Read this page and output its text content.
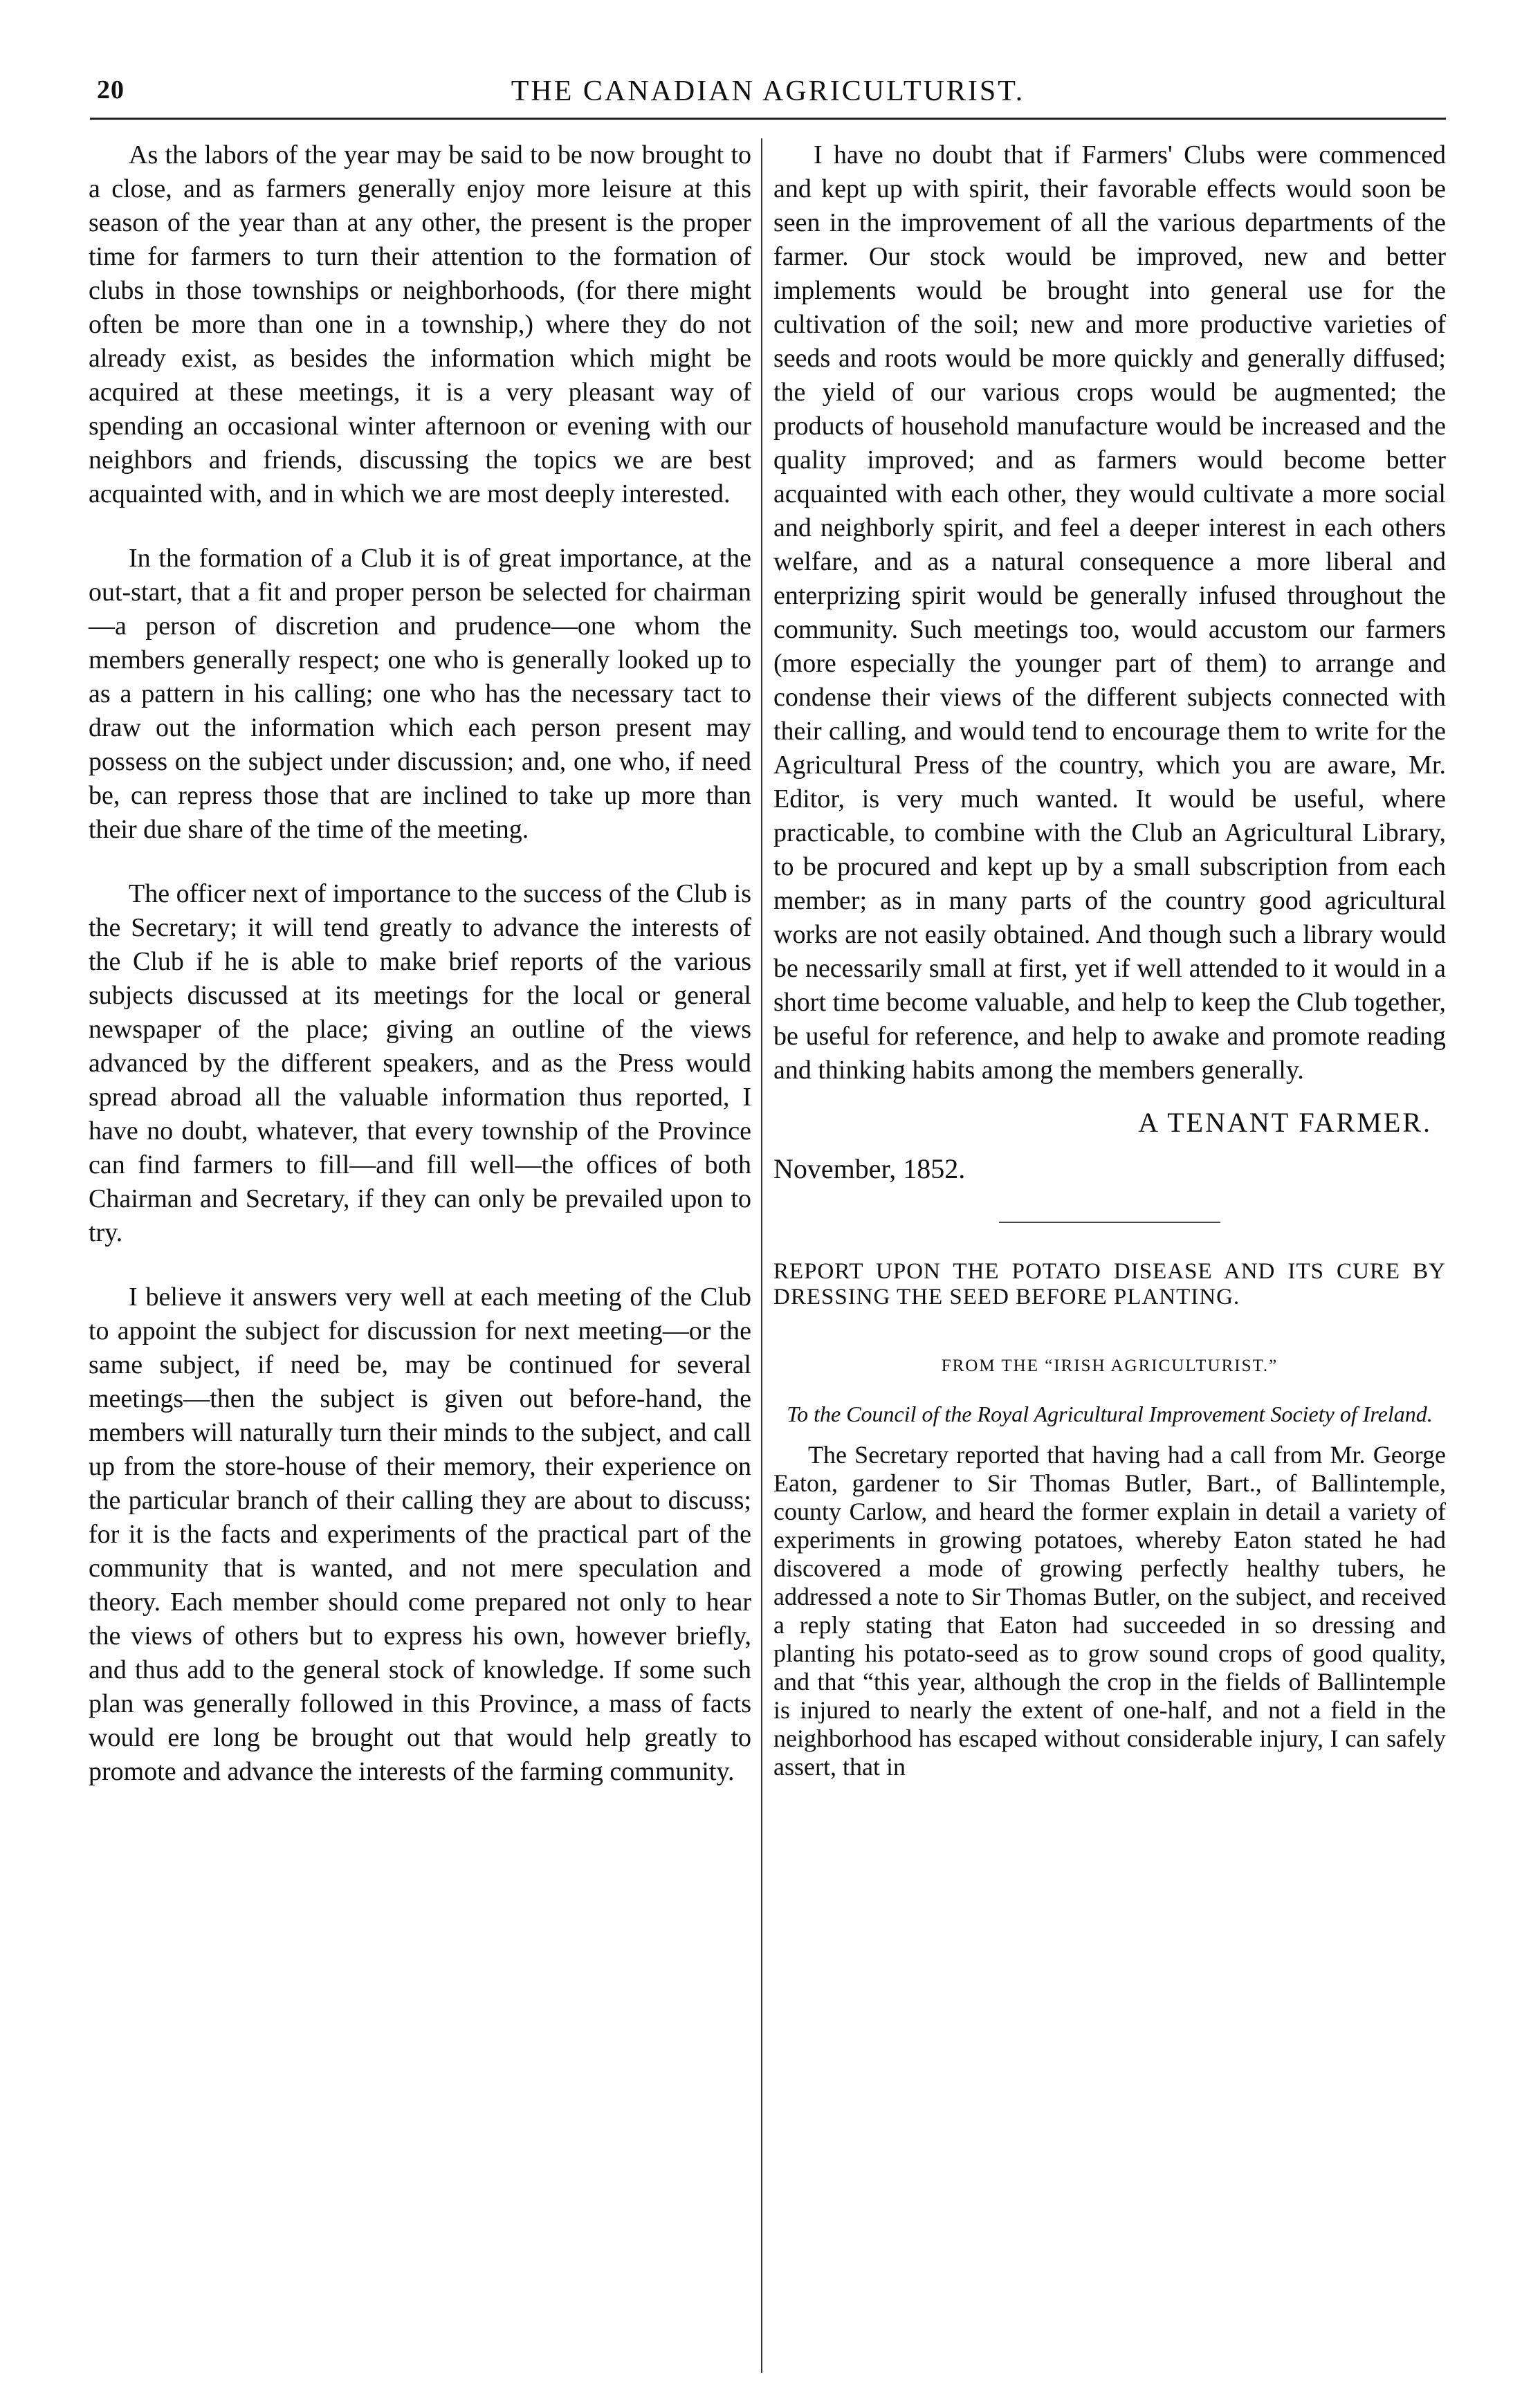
20	THE CANADIAN AGRICULTURIST.

As the labors of the year may be said to be now brought to a close, and as farmers generally enjoy more leisure at this season of the year than at any other, the present is the proper time for farmers to turn their attention to the formation of clubs in those townships or neighborhoods, (for there might often be more than one in a township,) where they do not already exist, as besides the information which might be acquired at these meetings, it is a very pleasant way of spending an occasional winter afternoon or evening with our neighbors and friends, discussing the topics we are best acquainted with, and in which we are most deeply interested.

In the formation of a Club it is of great importance, at the out-start, that a fit and proper person be selected for chairman—a person of discretion and prudence—one whom the members generally respect; one who is generally looked up to as a pattern in his calling; one who has the necessary tact to draw out the information which each person present may possess on the subject under discussion; and, one who, if need be, can repress those that are inclined to take up more than their due share of the time of the meeting.

The officer next of importance to the success of the Club is the Secretary; it will tend greatly to advance the interests of the Club if he is able to make brief reports of the various subjects discussed at its meetings for the local or general newspaper of the place; giving an outline of the views advanced by the different speakers, and as the Press would spread abroad all the valuable information thus reported, I have no doubt, whatever, that every township of the Province can find farmers to fill—and fill well—the offices of both Chairman and Secretary, if they can only be prevailed upon to try.

I believe it answers very well at each meeting of the Club to appoint the subject for discussion for next meeting—or the same subject, if need be, may be continued for several meetings—then the subject is given out before-hand, the members will naturally turn their minds to the subject, and call up from the store-house of their memory, their experience on the particular branch of their calling they are about to discuss; for it is the facts and experiments of the practical part of the community that is wanted, and not mere speculation and theory. Each member should come prepared not only to hear the views of others but to express his own, however briefly, and thus add to the general stock of knowledge. If some such plan was generally followed in this Province, a mass of facts would ere long be brought out that would help greatly to promote and advance the interests of the farming community.

I have no doubt that if Farmers' Clubs were commenced and kept up with spirit, their favorable effects would soon be seen in the improvement of all the various departments of the farmer. Our stock would be improved, new and better implements would be brought into general use for the cultivation of the soil; new and more productive varieties of seeds and roots would be more quickly and generally diffused; the yield of our various crops would be augmented; the products of household manufacture would be increased and the quality improved; and as farmers would become better acquainted with each other, they would cultivate a more social and neighborly spirit, and feel a deeper interest in each others welfare, and as a natural consequence a more liberal and enterprizing spirit would be generally infused throughout the community. Such meetings too, would accustom our farmers (more especially the younger part of them) to arrange and condense their views of the different subjects connected with their calling, and would tend to encourage them to write for the Agricultural Press of the country, which you are aware, Mr. Editor, is very much wanted. It would be useful, where practicable, to combine with the Club an Agricultural Library, to be procured and kept up by a small subscription from each member; as in many parts of the country good agricultural works are not easily obtained. And though such a library would be necessarily small at first, yet if well attended to it would in a short time become valuable, and help to keep the Club together, be useful for reference, and help to awake and promote reading and thinking habits among the members generally.

A TENANT FARMER.
November, 1852.
REPORT UPON THE POTATO DISEASE AND ITS CURE BY DRESSING THE SEED BEFORE PLANTING.
FROM THE “IRISH AGRICULTURIST.”
To the Council of the Royal Agricultural Improvement Society of Ireland.
The Secretary reported that having had a call from Mr. George Eaton, gardener to Sir Thomas Butler, Bart., of Ballintemple, county Carlow, and heard the former explain in detail a variety of experiments in growing potatoes, whereby Eaton stated he had discovered a mode of growing perfectly healthy tubers, he addressed a note to Sir Thomas Butler, on the subject, and received a reply stating that Eaton had succeeded in so dressing and planting his potato-seed as to grow sound crops of good quality, and that “this year, although the crop in the fields of Ballintemple is injured to nearly the extent of one-half, and not a field in the neighborhood has escaped without considerable injury, I can safely assert, that in
